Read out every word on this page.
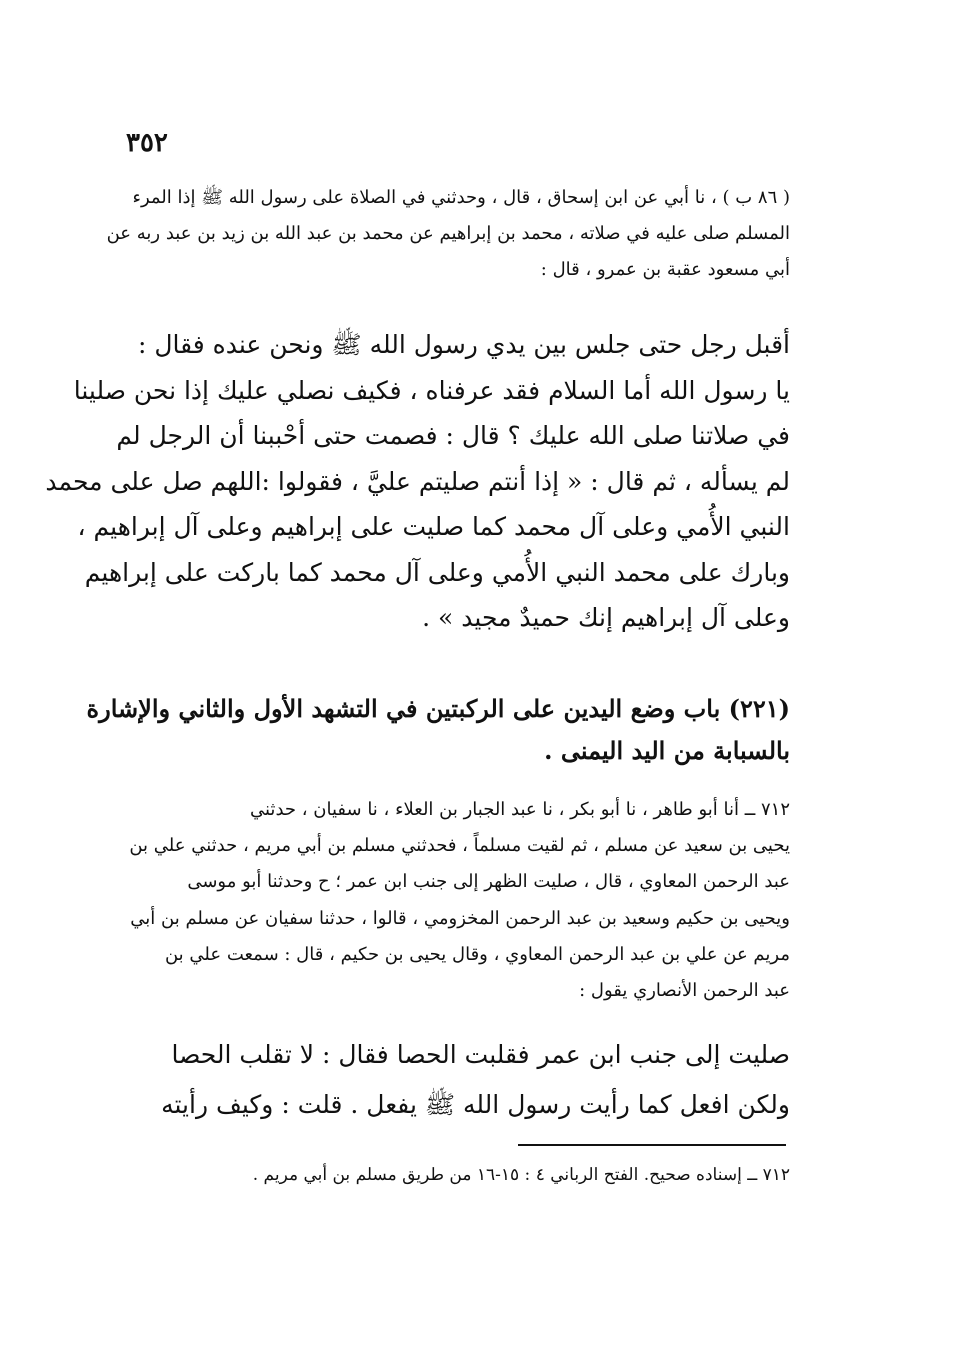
٣٥٢
( ٨٦ ب ) ، نا أبي عن ابن إسحاق ، قال ، وحدثني في الصلاة على رسول الله ﷺ إذا المرء
المسلم صلى عليه في صلاته ، محمد بن إبراهيم عن محمد بن عبد الله بن زيد بن عبد ربه عن
أبي مسعود عقبة بن عمرو ، قال :
أقبل رجل حتى جلس بين يدي رسول الله ﷺ ونحن عنده فقال :
يا رسول الله أما السلام فقد عرفناه ، فكيف نصلي عليك إذا نحن صلينا
في صلاتنا صلى الله عليك ؟ قال : فصمت حتى أحْببنا أن الرجل لم
لم يسأله ، ثم قال : « إذا أنتم صليتم عليَّ ، فقولوا :اللهم صل على محمد
النبي الأُمي وعلى آل محمد كما صليت على إبراهيم وعلى آل إبراهيم ،
وبارك على محمد النبي الأُمي وعلى آل محمد كما باركت على إبراهيم
وعلى آل إبراهيم إنك حميدٌ مجيد » .
(٢٢١) باب وضع اليدين على الركبتين في التشهد الأول والثاني والإشارة
بالسبابة من اليد اليمنى .
٧١٢ ــ أنا أبو طاهر ، نا أبو بكر ، نا عبد الجبار بن العلاء ، نا سفيان ، حدثني
يحيى بن سعيد عن مسلم ، ثم لقيت مسلماً ، فحدثني مسلم بن أبي مريم ، حدثني علي بن
عبد الرحمن المعاوي ، قال ، صليت الظهر إلى جنب ابن عمر ؛ ح وحدثنا أبو موسى
ويحيى بن حكيم وسعيد بن عبد الرحمن المخزومي ، قالوا ، حدثنا سفيان عن مسلم بن أبي
مريم عن علي بن عبد الرحمن المعاوي ، وقال يحيى بن حكيم ، قال : سمعت علي بن
عبد الرحمن الأنصاري يقول :
صليت إلى جنب ابن عمر فقلبت الحصا فقال : لا تقلب الحصا
ولكن افعل كما رأيت رسول الله ﷺ يفعل . قلت : وكيف رأيته
٧١٢ ــ إسناده صحيح. الفتح الرباني ٤ : ١٥-١٦ من طريق مسلم بن أبي مريم .
